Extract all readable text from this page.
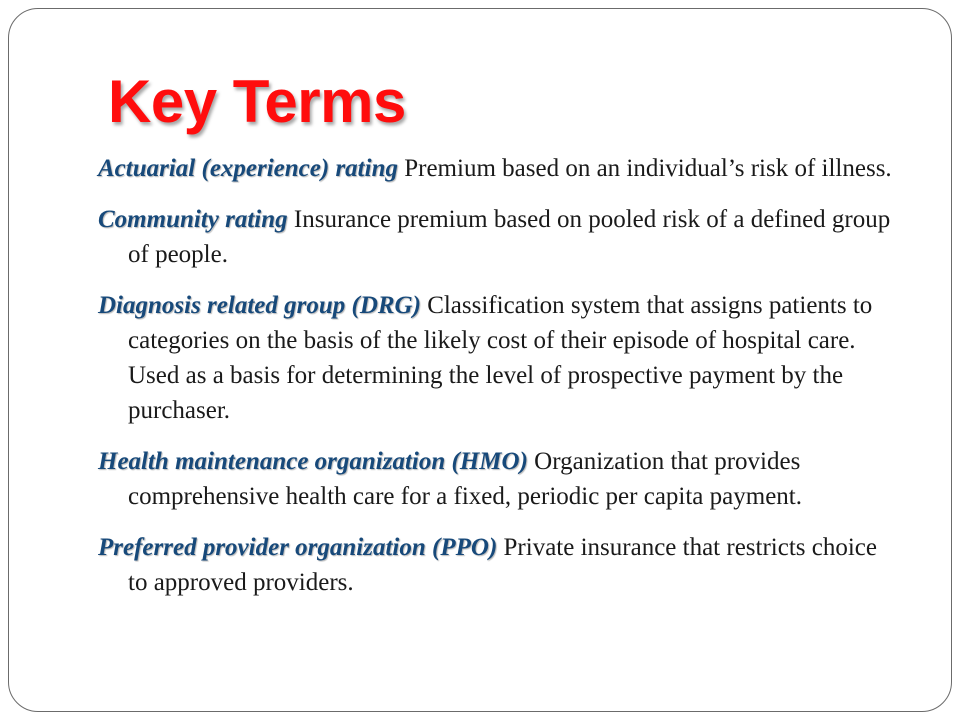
Key Terms
Actuarial (experience) rating Premium based on an individual’s risk of illness.
Community rating Insurance premium based on pooled risk of a defined group of people.
Diagnosis related group (DRG) Classification system that assigns patients to categories on the basis of the likely cost of their episode of hospital care. Used as a basis for determining the level of prospective payment by the purchaser.
Health maintenance organization (HMO) Organization that provides comprehensive health care for a fixed, periodic per capita payment.
Preferred provider organization (PPO) Private insurance that restricts choice to approved providers.
